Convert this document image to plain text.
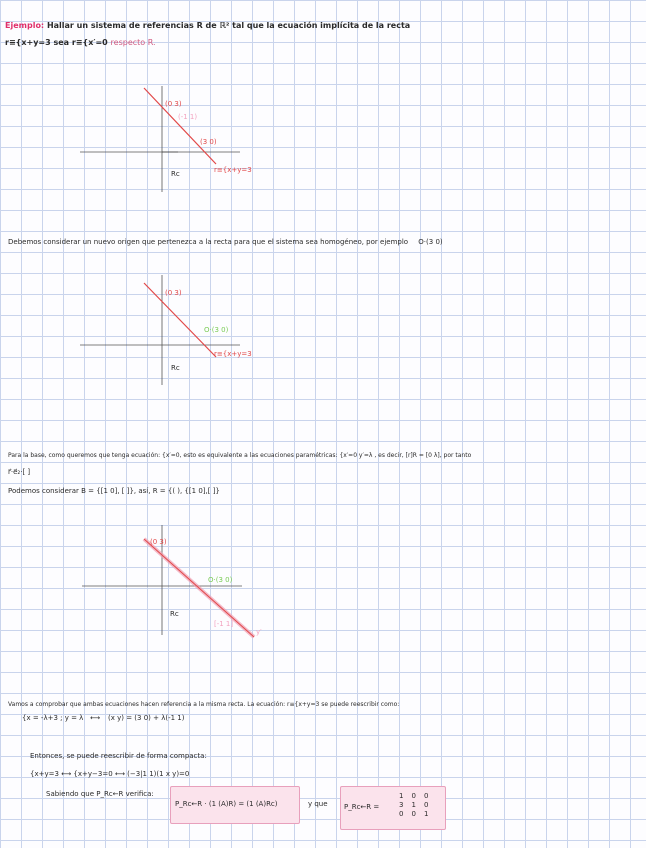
Ejemplo: Hallar un sistema de referencias R de ℝ² tal que la ecuación implícita de la recta
r≡{x+y=3 sea r≡{x′=0 respecto R.
(0 3)
(-1 1)
(3 0)
Rc	r≡{x+y=3
Debemos considerar un nuevo origen que pertenezca a la recta para que el sistema sea homogéneo, por ejemplo O·(3 0)
(0 3)
O·(3 0)
Rc
r≡{x+y=3
Para la base, como queremos que tenga ecuación: {x′=0, esto es equivalente a las ecuaciones paramétricas: {x′=0 y′=λ , es decir, [r]R = [0 λ], por tanto
r⃗·e⃗₂·[ ]
Podemos considerar B = {[1 0], [ ]}, así, R = {( ), {[1 0],[ ]}
(0 3)
O·(3 0)
Rc
[-1 1]
y′
Vamos a comprobar que ambas ecuaciones hacen referencia a la misma recta. La ecuación: r≡{x+y=3 se puede reescribir como:
{x = -λ+3 ; y = λ ⟷ (x y) = (3 0) + λ(-1 1)
Entonces, se puede reescribir de forma compacta:
{x+y=3 ⟷ {x+y−3=0 ⟷ (−3|1 1)(1 x y)=0
Sabiendo que P_Rc←R verifica:
P_Rc←R · (1 (A)R) = (1 (A)Rc)	y que P_Rc←R =
1 0 0
3 1 0
0 0 1
